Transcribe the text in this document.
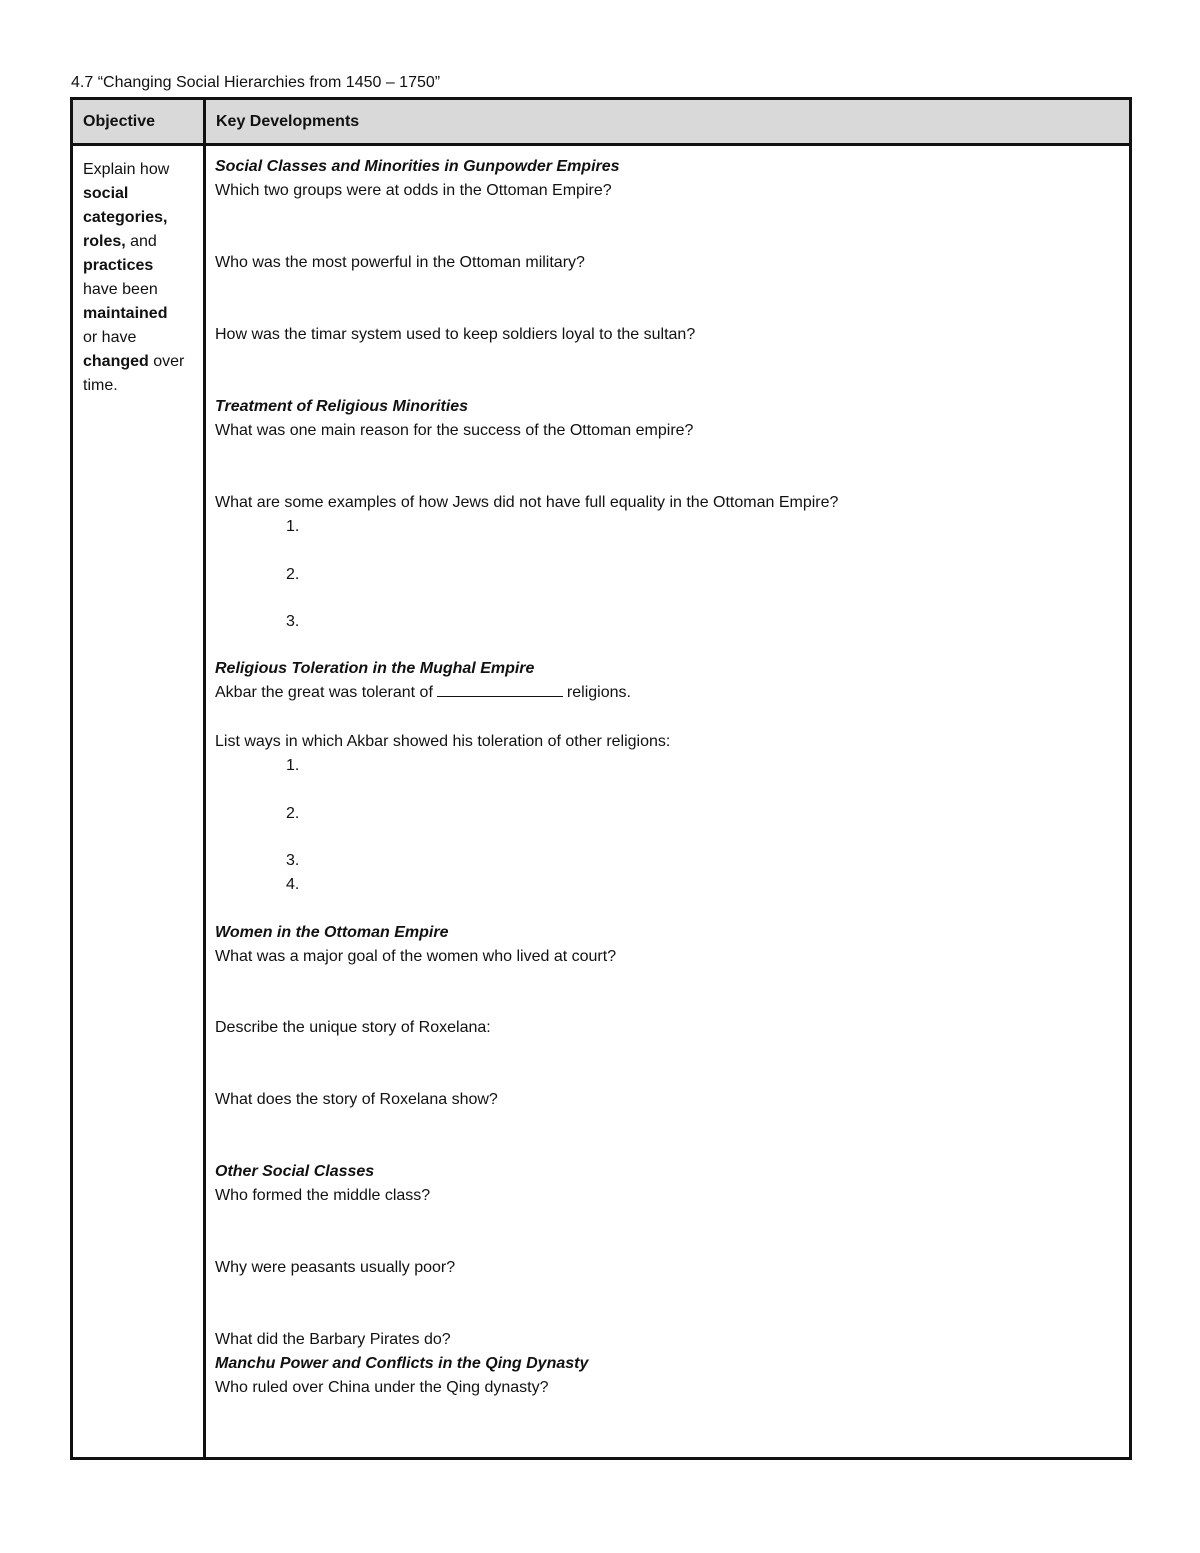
4.7 “Changing Social Hierarchies from 1450 – 1750”
Objective	Key Developments
Explain how
social
categories,
roles, and
practices
have been
maintained
or have
changed over
time.
Social Classes and Minorities in Gunpowder Empires
Which two groups were at odds in the Ottoman Empire?
Who was the most powerful in the Ottoman military?
How was the timar system used to keep soldiers loyal to the sultan?
Treatment of Religious Minorities
What was one main reason for the success of the Ottoman empire?
What are some examples of how Jews did not have full equality in the Ottoman Empire?
1.
2.
3.
Religious Toleration in the Mughal Empire
Akbar the great was tolerant of	religions.
List ways in which Akbar showed his toleration of other religions:
1.
2.
3.
4.
Women in the Ottoman Empire
What was a major goal of the women who lived at court?
Describe the unique story of Roxelana:
What does the story of Roxelana show?
Other Social Classes
Who formed the middle class?
Why were peasants usually poor?
What did the Barbary Pirates do?
Manchu Power and Conflicts in the Qing Dynasty
Who ruled over China under the Qing dynasty?
